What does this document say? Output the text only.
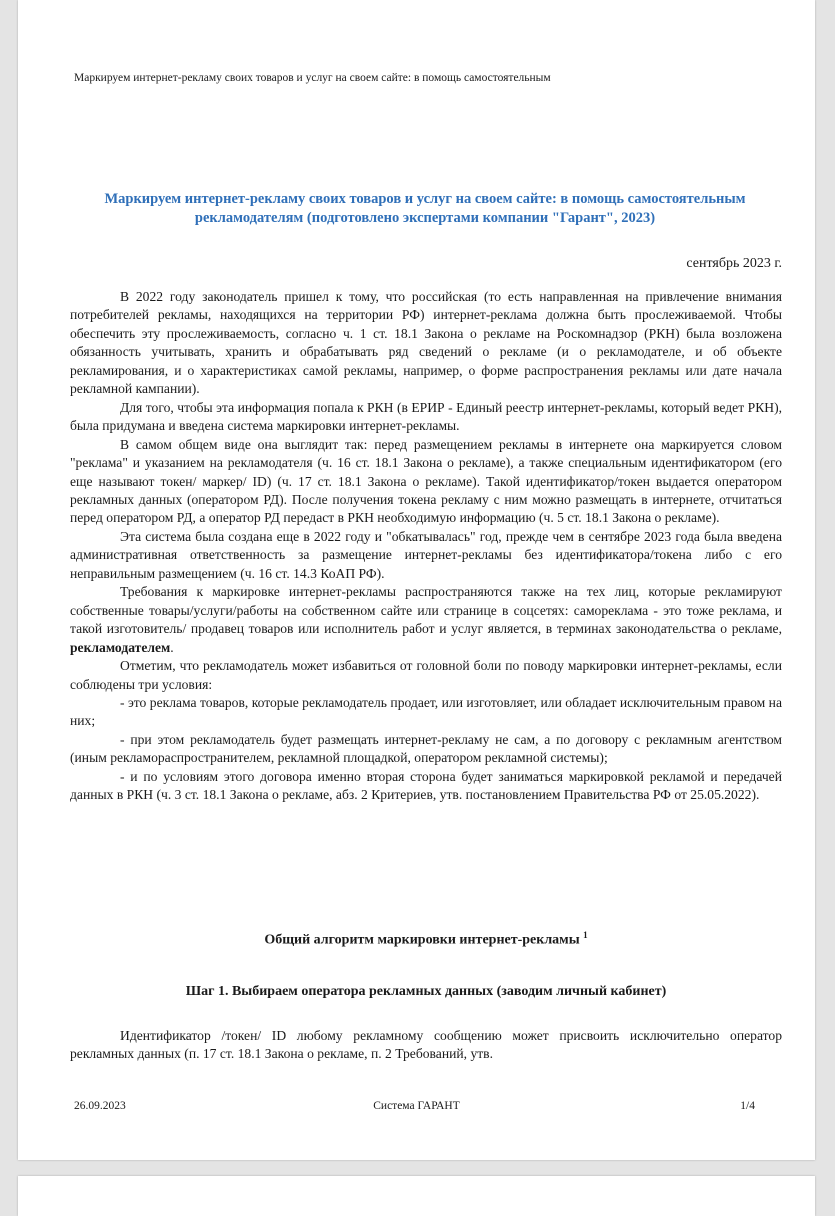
Маркируем интернет-рекламу своих товаров и услуг на своем сайте: в помощь самостоятельным
Маркируем интернет-рекламу своих товаров и услуг на своем сайте: в помощь самостоятельным рекламодателям (подготовлено экспертами компании "Гарант", 2023)
сентябрь 2023 г.

В 2022 году законодатель пришел к тому, что российская (то есть направленная на привлечение внимания потребителей рекламы, находящихся на территории РФ) интернет-реклама должна быть прослеживаемой. Чтобы обеспечить эту прослеживаемость, согласно ч. 1 ст. 18.1 Закона о рекламе на Роскомнадзор (РКН) была возложена обязанность учитывать, хранить и обрабатывать ряд сведений о рекламе (и о рекламодателе, и об объекте рекламирования, и о характеристиках самой рекламы, например, о форме распространения рекламы или дате начала рекламной кампании).

Для того, чтобы эта информация попала к РКН (в ЕРИР - Единый реестр интернет-рекламы, который ведет РКН), была придумана и введена система маркировки интернет-рекламы.

В самом общем виде она выглядит так: перед размещением рекламы в интернете она маркируется словом "реклама" и указанием на рекламодателя (ч. 16 ст. 18.1 Закона о рекламе), а также специальным идентификатором (его еще называют токен/ маркер/ ID) (ч. 17 ст. 18.1 Закона о рекламе). Такой идентификатор/токен выдается оператором рекламных данных (оператором РД). После получения токена рекламу с ним можно размещать в интернете, отчитаться перед оператором РД, а оператор РД передаст в РКН необходимую информацию (ч. 5 ст. 18.1 Закона о рекламе).

Эта система была создана еще в 2022 году и "обкатывалась" год, прежде чем в сентябре 2023 года была введена административная ответственность за размещение интернет-рекламы без идентификатора/токена либо с его неправильным размещением (ч. 16 ст. 14.3 КоАП РФ).

Требования к маркировке интернет-рекламы распространяются также на тех лиц, которые рекламируют собственные товары/услуги/работы на собственном сайте или странице в соцсетях: самореклама - это тоже реклама, и такой изготовитель/ продавец товаров или исполнитель работ и услуг является, в терминах законодательства о рекламе, рекламодателем.

Отметим, что рекламодатель может избавиться от головной боли по поводу маркировки интернет-рекламы, если соблюдены три условия:

- это реклама товаров, которые рекламодатель продает, или изготовляет, или обладает исключительным правом на них;

- при этом рекламодатель будет размещать интернет-рекламу не сам, а по договору с рекламным агентством (иным рекламораспространителем, рекламной площадкой, оператором рекламной системы);

- и по условиям этого договора именно вторая сторона будет заниматься маркировкой рекламой и передачей данных в РКН (ч. 3 ст. 18.1 Закона о рекламе, абз. 2 Критериев, утв. постановлением Правительства РФ от 25.05.2022).

Общий алгоритм маркировки интернет-рекламы $^1$
Шаг 1. Выбираем оператора рекламных данных (заводим личный кабинет)

Идентификатор /токен/ ID любому рекламному сообщению может присвоить исключительно оператор рекламных данных (п. 17 ст. 18.1 Закона о рекламе, п. 2 Требований, утв.

26.09.2023	Система ГАРАНТ	1/4
